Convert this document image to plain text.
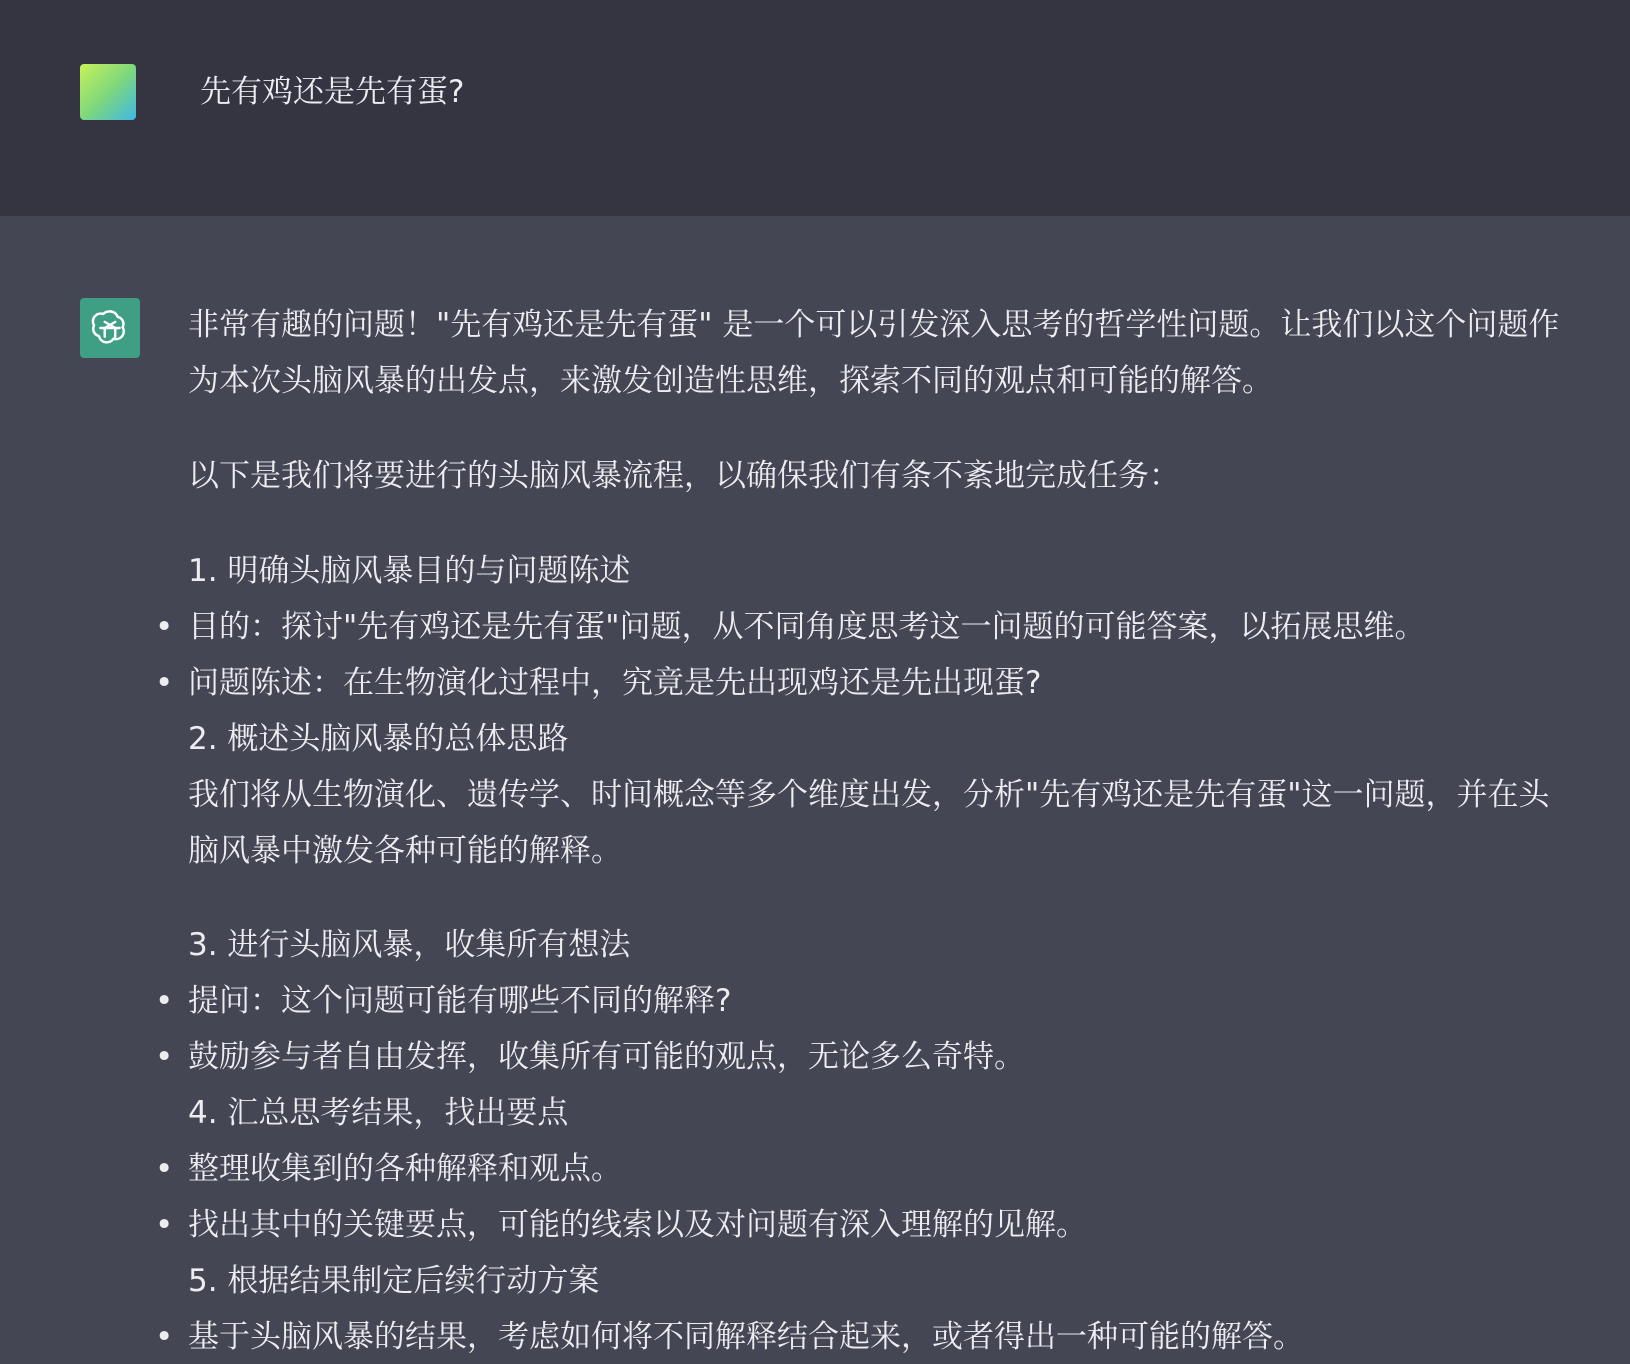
先有鸡还是先有蛋?
非常有趣的问题！"先有鸡还是先有蛋" 是一个可以引发深入思考的哲学性问题。让我们以这个问题作
为本次头脑风暴的出发点，来激发创造性思维，探索不同的观点和可能的解答。
以下是我们将要进行的头脑风暴流程，以确保我们有条不紊地完成任务：
1. 明确头脑风暴目的与问题陈述
• 目的：探讨"先有鸡还是先有蛋"问题，从不同角度思考这一问题的可能答案，以拓展思维。
• 问题陈述：在生物演化过程中，究竟是先出现鸡还是先出现蛋?
2. 概述头脑风暴的总体思路
我们将从生物演化、遗传学、时间概念等多个维度出发，分析"先有鸡还是先有蛋"这一问题，并在头
脑风暴中激发各种可能的解释。
3. 进行头脑风暴，收集所有想法
• 提问：这个问题可能有哪些不同的解释?
• 鼓励参与者自由发挥，收集所有可能的观点，无论多么奇特。
4. 汇总思考结果，找出要点
• 整理收集到的各种解释和观点。
• 找出其中的关键要点，可能的线索以及对问题有深入理解的见解。
5. 根据结果制定后续行动方案
• 基于头脑风暴的结果，考虑如何将不同解释结合起来，或者得出一种可能的解答。
